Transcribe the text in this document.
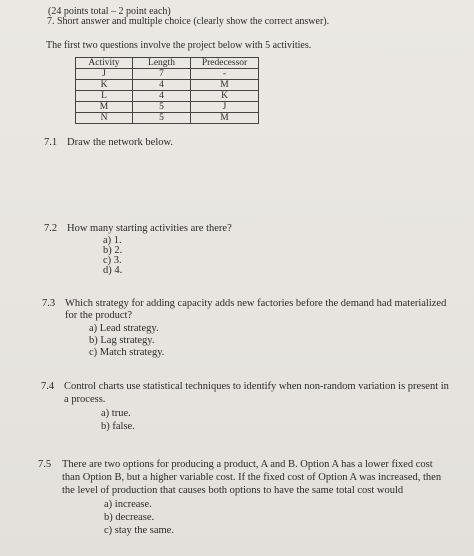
(24 points total – 2 point each)
7. Short answer and multiple choice (clearly show the correct answer).
The first two questions involve the project below with 5 activities.
Activity	Length	Predecessor
J	7	-
K	4	M
L	4	K
M	5	J
N	5	M
7.1 Draw the network below.
7.2 How many starting activities are there?
a) 1.
b) 2.
c) 3.
d) 4.
7.3 Which strategy for adding capacity adds new factories before the demand had materialized
for the product?
a) Lead strategy.
b) Lag strategy.
c) Match strategy.
7.4 Control charts use statistical techniques to identify when non-random variation is present in
a process.
a) true.
b) false.
7.5 There are two options for producing a product, A and B. Option A has a lower fixed cost
than Option B, but a higher variable cost. If the fixed cost of Option A was increased, then
the level of production that causes both options to have the same total cost would
a) increase.
b) decrease.
c) stay the same.
